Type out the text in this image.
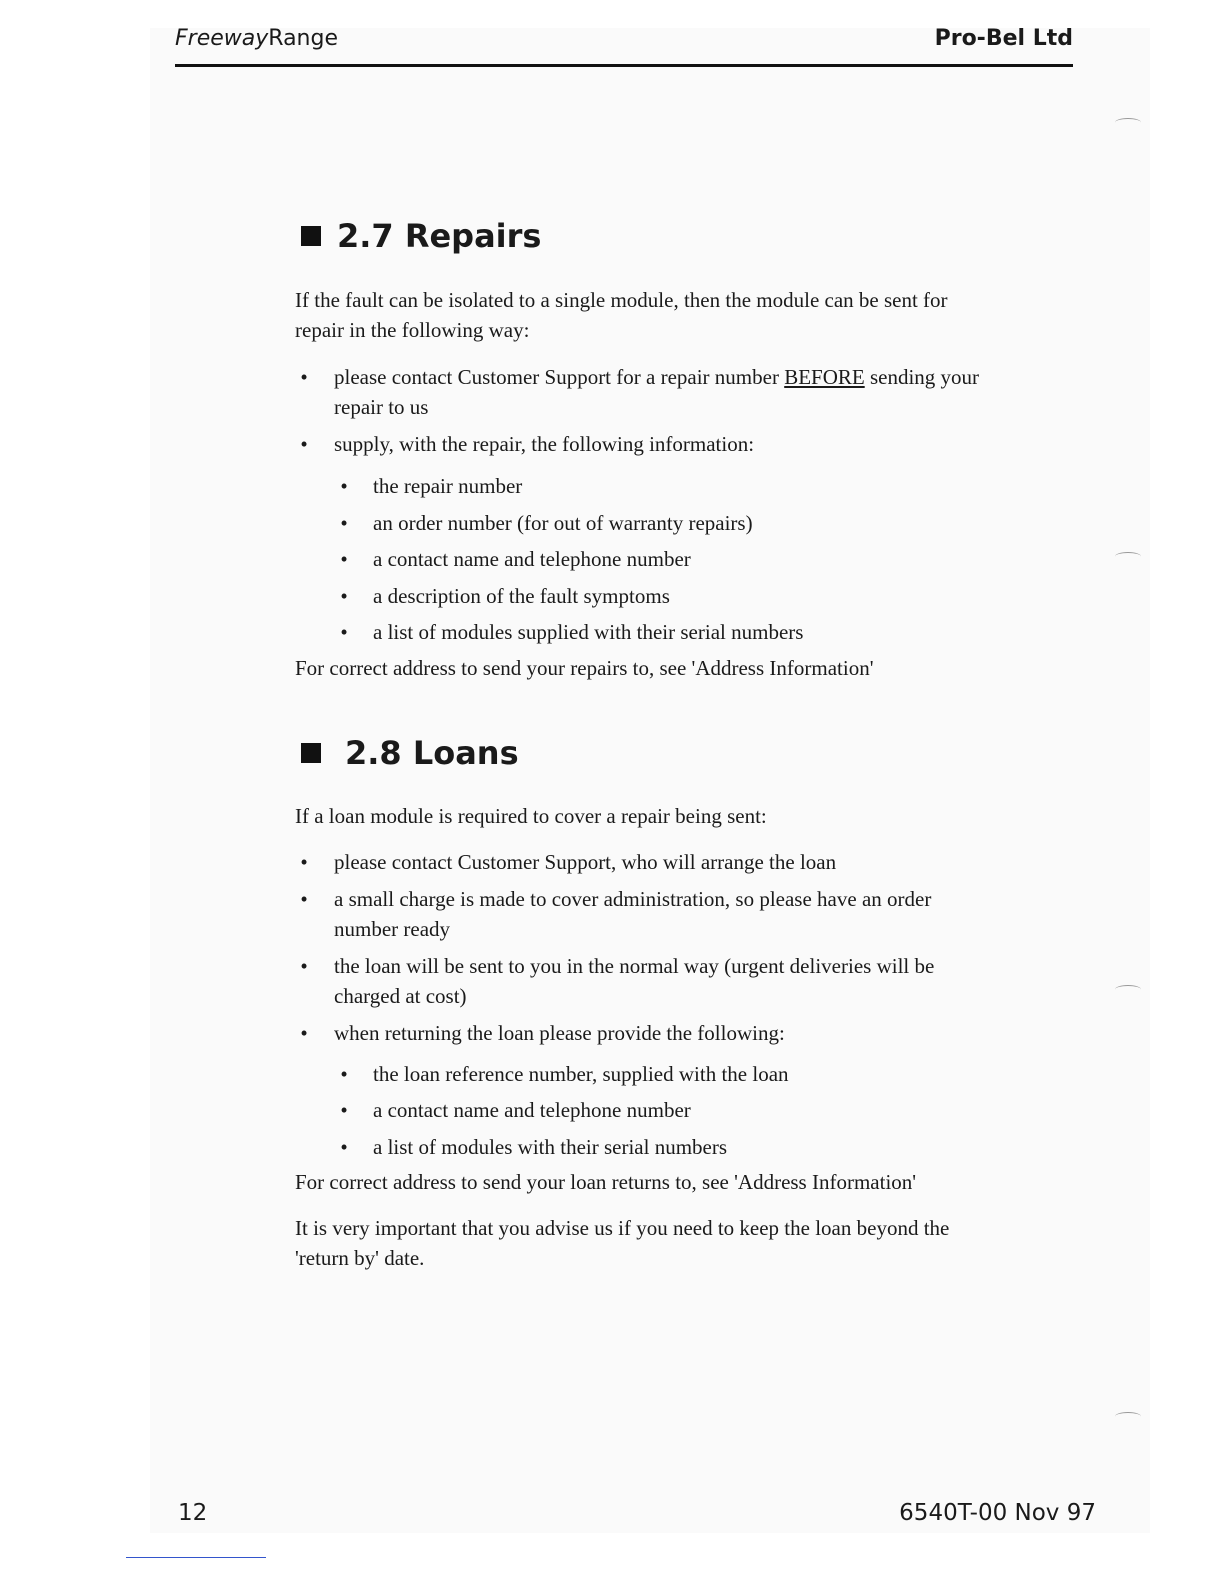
FreewayRange	Pro-Bel Ltd
2.7 Repairs

If the fault can be isolated to a single module, then the module can be sent for

repair in the following way:

• please contact Customer Support for a repair number BEFORE sending your
repair to us
• supply, with the repair, the following information:
• the repair number
• an order number (for out of warranty repairs)
• a contact name and telephone number
• a description of the fault symptoms
• a list of modules supplied with their serial numbers

For correct address to send your repairs to, see 'Address Information'

2.8 Loans

If a loan module is required to cover a repair being sent:

• please contact Customer Support, who will arrange the loan
• a small charge is made to cover administration, so please have an order
number ready
• the loan will be sent to you in the normal way (urgent deliveries will be
charged at cost)
• when returning the loan please provide the following:
• the loan reference number, supplied with the loan
• a contact name and telephone number
• a list of modules with their serial numbers

For correct address to send your loan returns to, see 'Address Information'

It is very important that you advise us if you need to keep the loan beyond the

'return by' date.

12	6540T-00 Nov 97
